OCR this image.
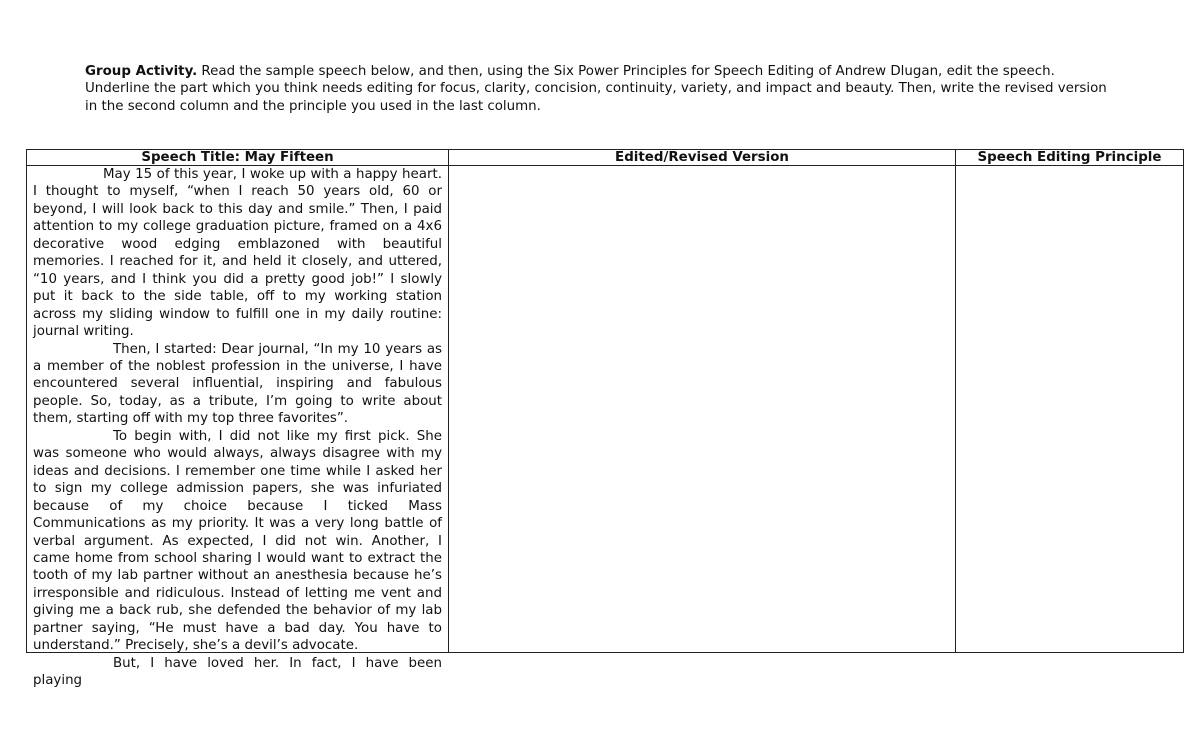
Group Activity. Read the sample speech below, and then, using the Six Power Principles for Speech Editing of Andrew Dlugan, edit the speech. Underline the part which you think needs editing for focus, clarity, concision, continuity, variety, and impact and beauty. Then, write the revised version in the second column and the principle you used in the last column.

Speech Title: May Fifteen	Edited/Revised Version	Speech Editing Principle

May 15 of this year, I woke up with a happy heart. I thought to myself, “when I reach 50 years old, 60 or beyond, I will look back to this day and smile.” Then, I paid attention to my college graduation picture, framed on a 4x6 decorative wood edging emblazoned with beautiful memories. I reached for it, and held it closely, and uttered, “10 years, and I think you did a pretty good job!” I slowly put it back to the side table, off to my working station across my sliding window to fulfill one in my daily routine: journal writing.

Then, I started: Dear journal, “In my 10 years as a member of the noblest profession in the universe, I have encountered several influential, inspiring and fabulous people. So, today, as a tribute, I’m going to write about them, starting off with my top three favorites”.

To begin with, I did not like my first pick. She was someone who would always, always disagree with my ideas and decisions. I remember one time while I asked her to sign my college admission papers, she was infuriated because of my choice because I ticked Mass Communications as my priority. It was a very long battle of verbal argument. As expected, I did not win. Another, I came home from school sharing I would want to extract the tooth of my lab partner without an anesthesia because he’s irresponsible and ridiculous. Instead of letting me vent and giving me a back rub, she defended the behavior of my lab partner saying, “He must have a bad day. You have to understand.” Precisely, she’s a devil’s advocate.

But, I have loved her. In fact, I have been playing		
